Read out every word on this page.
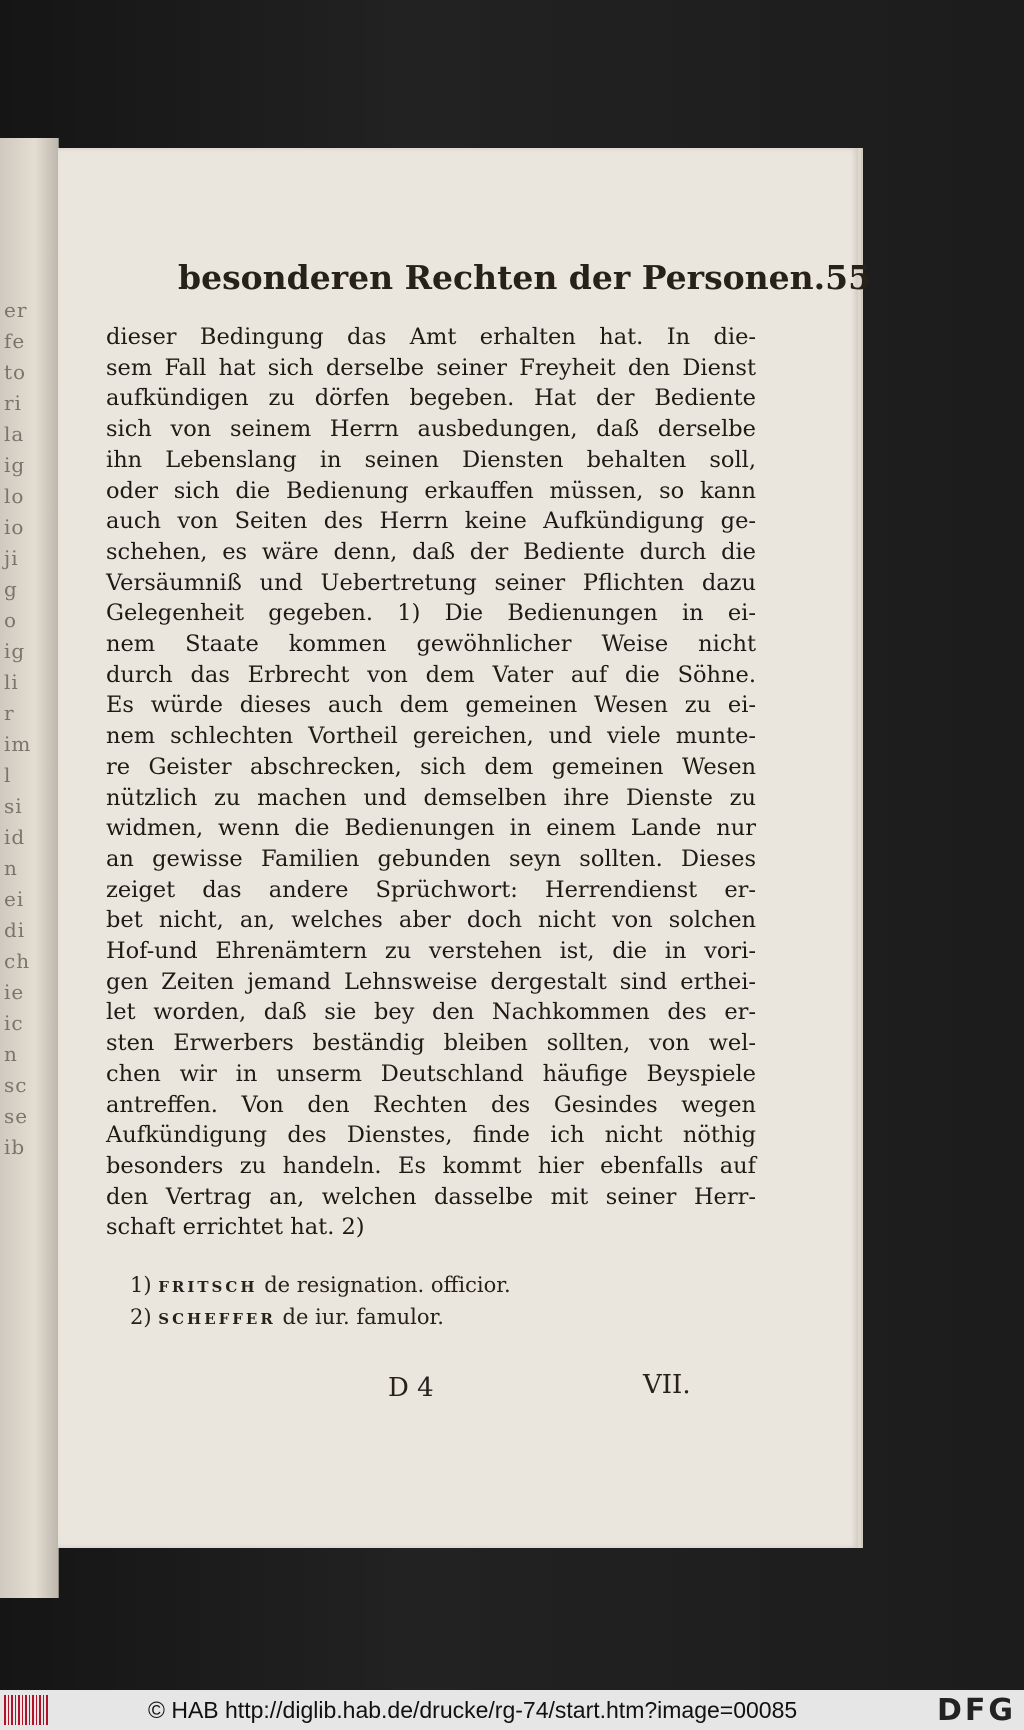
er
fe
to
ri
la
ig
lo
io
ji
g
o
ig
li
r
im
l
si
id
n
ei
di
ch
ie
ic
n
sc
se
ib
besonderen Rechten der Personen. 55
dieser Bedingung das Amt erhalten hat. In die-
sem Fall hat sich derselbe seiner Freyheit den Dienst
aufkündigen zu dörfen begeben. Hat der Bediente
sich von seinem Herrn ausbedungen, daß derselbe
ihn Lebenslang in seinen Diensten behalten soll,
oder sich die Bedienung erkauffen müssen, so kann
auch von Seiten des Herrn keine Aufkündigung ge-
schehen, es wäre denn, daß der Bediente durch die
Versäumniß und Uebertretung seiner Pflichten dazu
Gelegenheit gegeben. 1) Die Bedienungen in ei-
nem Staate kommen gewöhnlicher Weise nicht
durch das Erbrecht von dem Vater auf die Söhne.
Es würde dieses auch dem gemeinen Wesen zu ei-
nem schlechten Vortheil gereichen, und viele munte-
re Geister abschrecken, sich dem gemeinen Wesen
nützlich zu machen und demselben ihre Dienste zu
widmen, wenn die Bedienungen in einem Lande nur
an gewisse Familien gebunden seyn sollten. Dieses
zeiget das andere Sprüchwort: Herrendienst er-
bet nicht, an, welches aber doch nicht von solchen
Hof-und Ehrenämtern zu verstehen ist, die in vori-
gen Zeiten jemand Lehnsweise dergestalt sind erthei-
let worden, daß sie bey den Nachkommen des er-
sten Erwerbers beständig bleiben sollten, von wel-
chen wir in unserm Deutschland häufige Beyspiele
antreffen. Von den Rechten des Gesindes wegen
Aufkündigung des Dienstes, finde ich nicht nöthig
besonders zu handeln. Es kommt hier ebenfalls auf
den Vertrag an, welchen dasselbe mit seiner Herr-
schaft errichtet hat. 2)
1) FRITSCH de resignation. officior.
2) SCHEFFER de iur. famulor.
D 4	VII.
© HAB http://diglib.hab.de/drucke/rg-74/start.htm?image=00085	DFG
